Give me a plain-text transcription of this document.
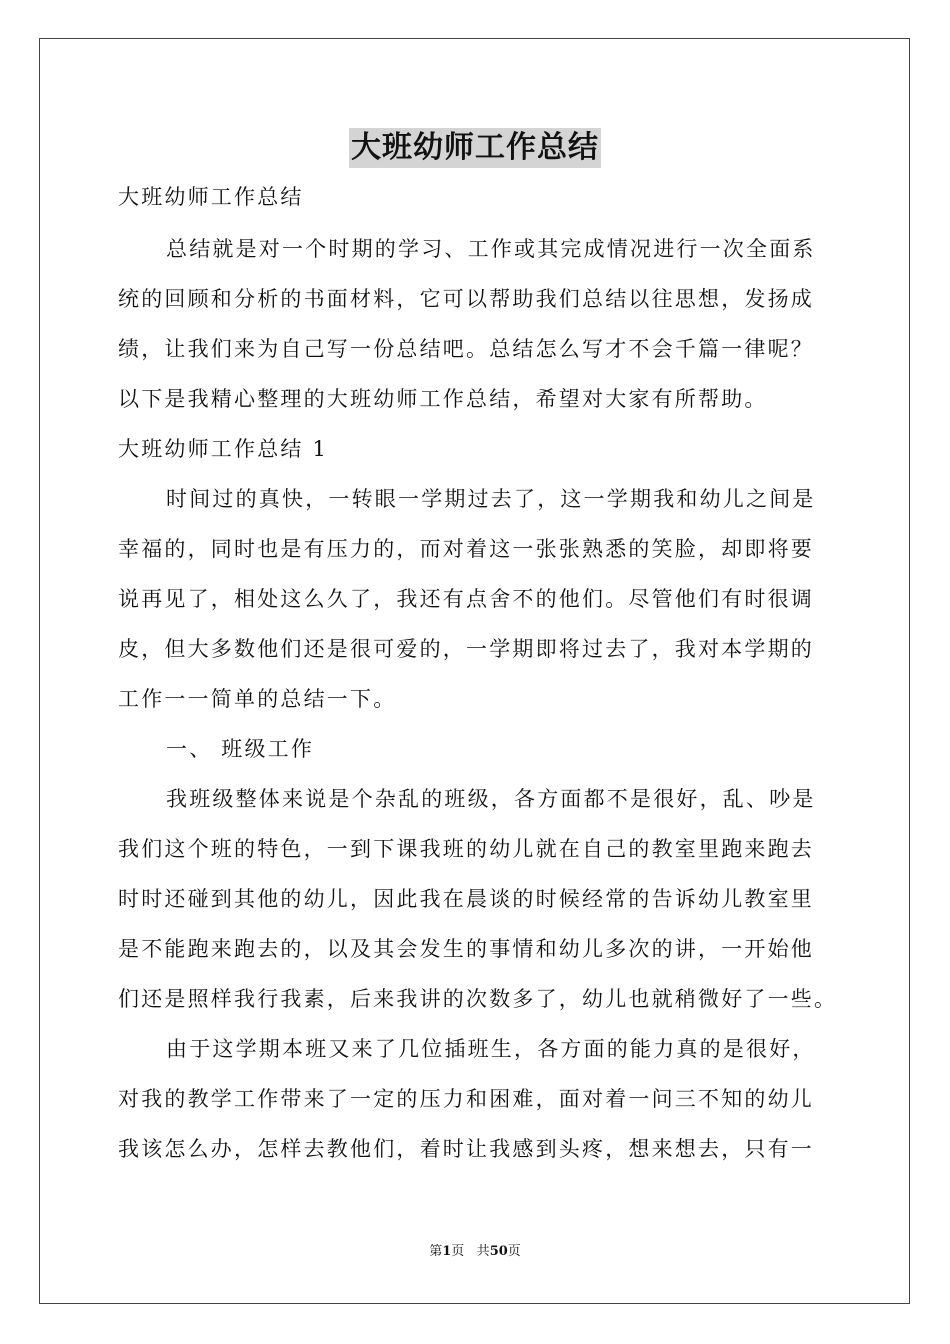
大班幼师工作总结
大班幼师工作总结
总结就是对一个时期的学习、工作或其完成情况进行一次全面系
统的回顾和分析的书面材料，它可以帮助我们总结以往思想，发扬成
绩，让我们来为自己写一份总结吧。总结怎么写才不会千篇一律呢？
以下是我精心整理的大班幼师工作总结，希望对大家有所帮助。
大班幼师工作总结 1
时间过的真快，一转眼一学期过去了，这一学期我和幼儿之间是
幸福的，同时也是有压力的，而对着这一张张熟悉的笑脸，却即将要
说再见了，相处这么久了，我还有点舍不的他们。尽管他们有时很调
皮，但大多数他们还是很可爱的，一学期即将过去了，我对本学期的
工作一一简单的总结一下。
一、 班级工作
我班级整体来说是个杂乱的班级，各方面都不是很好，乱、吵是
我们这个班的特色，一到下课我班的幼儿就在自己的教室里跑来跑去
时时还碰到其他的幼儿，因此我在晨谈的时候经常的告诉幼儿教室里
是不能跑来跑去的，以及其会发生的事情和幼儿多次的讲，一开始他
们还是照样我行我素，后来我讲的次数多了，幼儿也就稍微好了一些。
由于这学期本班又来了几位插班生，各方面的能力真的是很好，
对我的教学工作带来了一定的压力和困难，面对着一问三不知的幼儿
我该怎么办，怎样去教他们，着时让我感到头疼，想来想去，只有一
第1页 共50页
